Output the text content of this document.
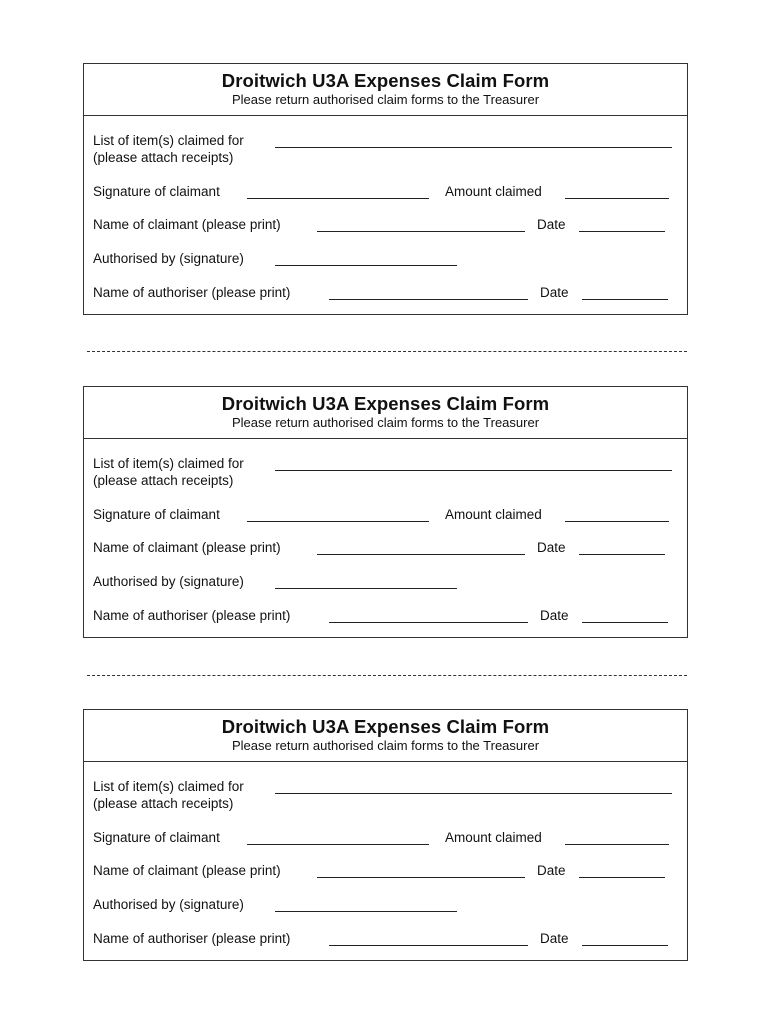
Droitwich U3A Expenses Claim Form
Please return authorised claim forms to the Treasurer
List of item(s) claimed for
(please attach receipts)
Signature of claimant	Amount claimed
Name of claimant (please print)	Date
Authorised by (signature)
Name of authoriser (please print)	Date
Droitwich U3A Expenses Claim Form
Please return authorised claim forms to the Treasurer
List of item(s) claimed for
(please attach receipts)
Signature of claimant	Amount claimed
Name of claimant (please print)	Date
Authorised by (signature)
Name of authoriser (please print)	Date
Droitwich U3A Expenses Claim Form
Please return authorised claim forms to the Treasurer
List of item(s) claimed for
(please attach receipts)
Signature of claimant	Amount claimed
Name of claimant (please print)	Date
Authorised by (signature)
Name of authoriser (please print)	Date
